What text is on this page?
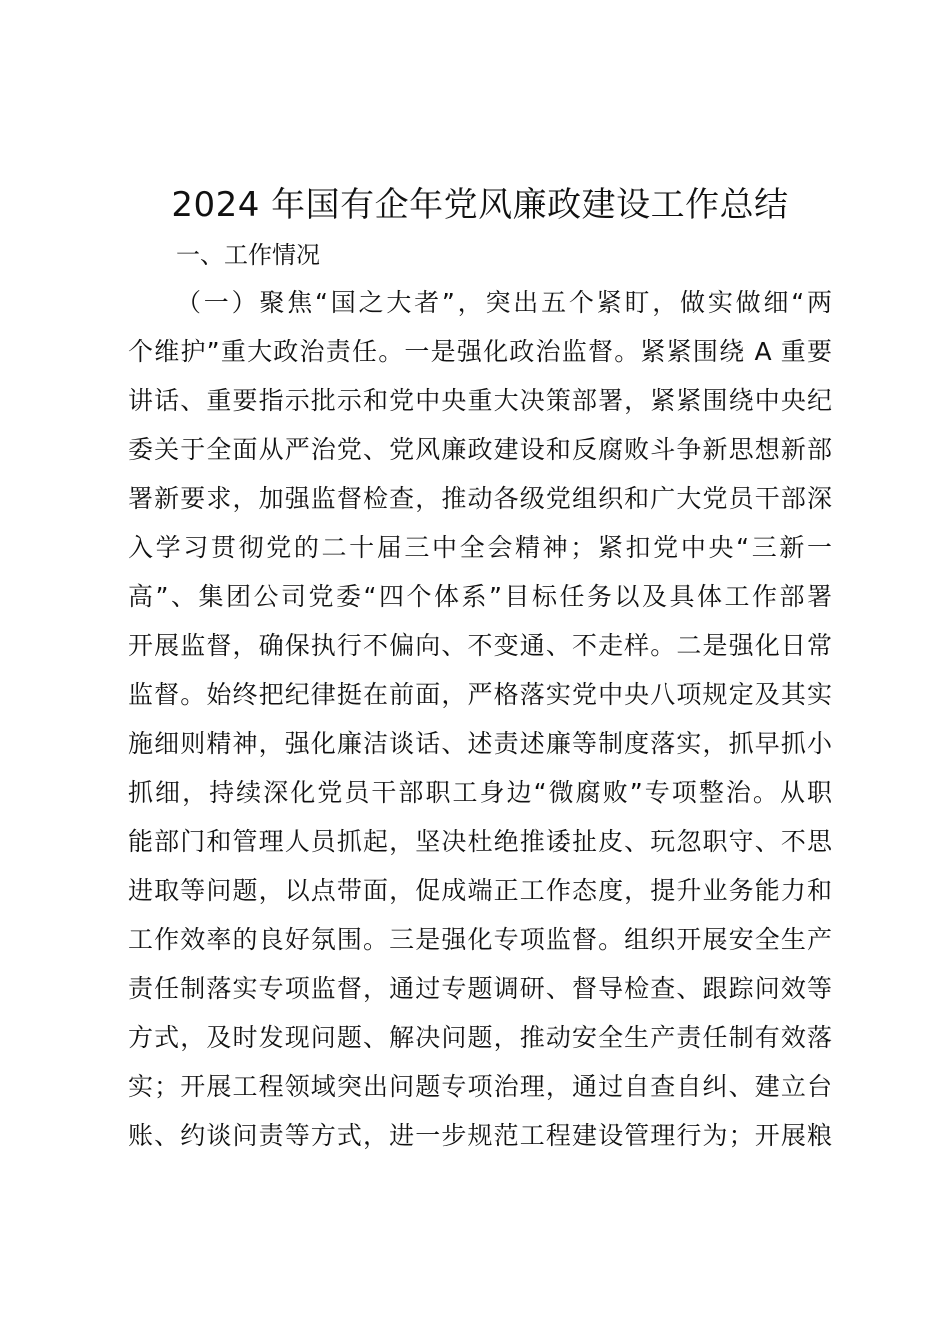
2024 年国有企年党风廉政建设工作总结
一、工作情况
（一）聚焦“国之大者”，突出五个紧盯，做实做细“两
个维护”重大政治责任。一是强化政治监督。紧紧围绕 A 重要
讲话、重要指示批示和党中央重大决策部署，紧紧围绕中央纪
委关于全面从严治党、党风廉政建设和反腐败斗争新思想新部
署新要求，加强监督检查，推动各级党组织和广大党员干部深
入学习贯彻党的二十届三中全会精神；紧扣党中央“三新一
高”、集团公司党委“四个体系”目标任务以及具体工作部署
开展监督，确保执行不偏向、不变通、不走样。二是强化日常
监督。始终把纪律挺在前面，严格落实党中央八项规定及其实
施细则精神，强化廉洁谈话、述责述廉等制度落实，抓早抓小
抓细，持续深化党员干部职工身边“微腐败”专项整治。从职
能部门和管理人员抓起，坚决杜绝推诿扯皮、玩忽职守、不思
进取等问题，以点带面，促成端正工作态度，提升业务能力和
工作效率的良好氛围。三是强化专项监督。组织开展安全生产
责任制落实专项监督，通过专题调研、督导检查、跟踪问效等
方式，及时发现问题、解决问题，推动安全生产责任制有效落
实；开展工程领域突出问题专项治理，通过自查自纠、建立台
账、约谈问责等方式，进一步规范工程建设管理行为；开展粮
